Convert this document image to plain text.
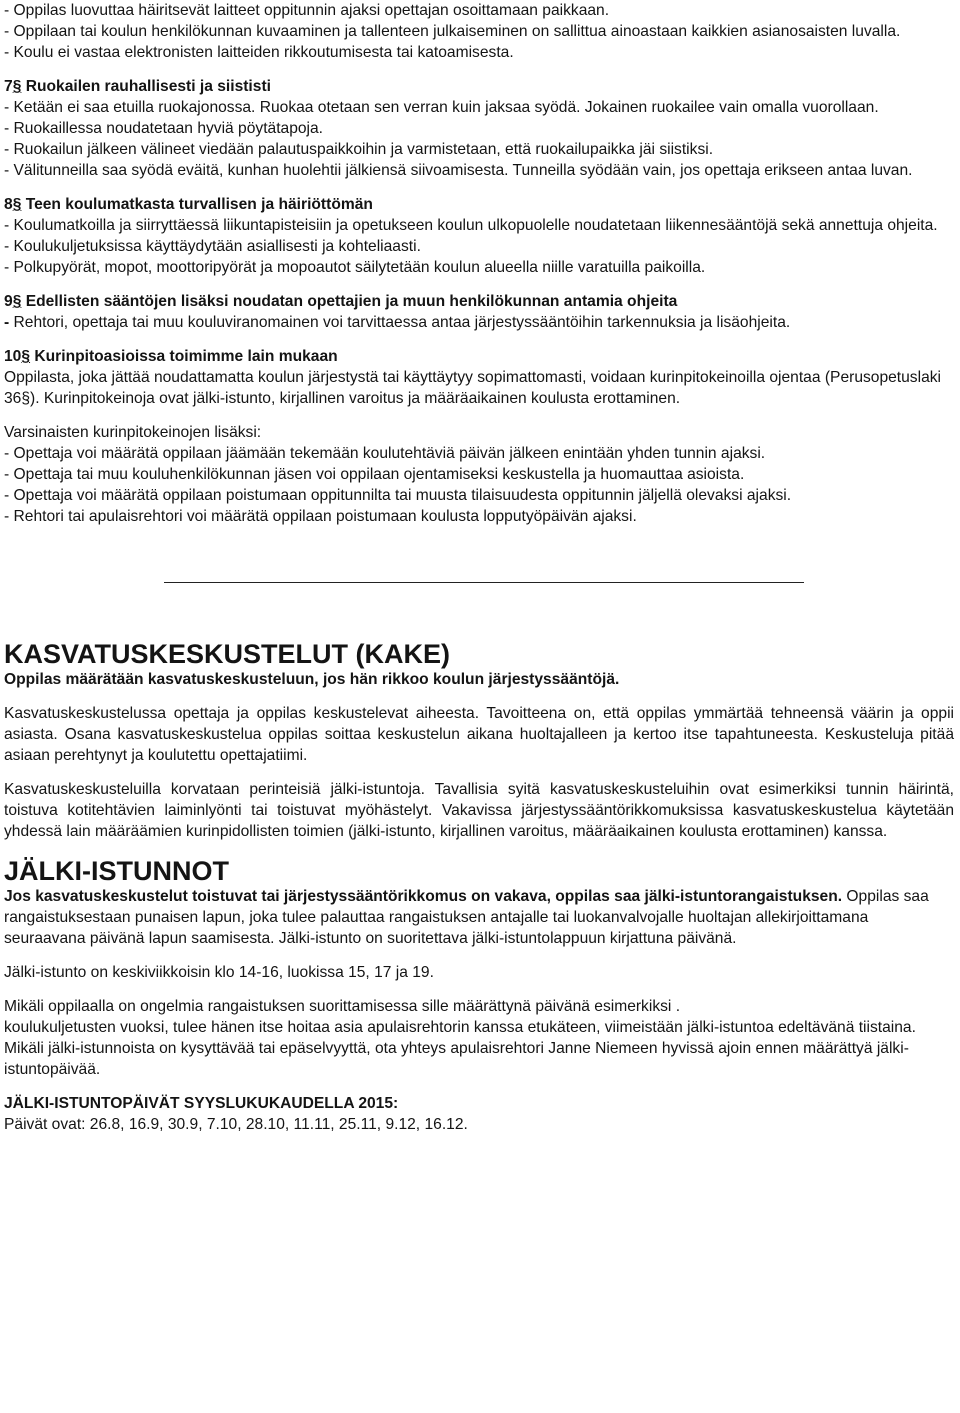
- Oppilas luovuttaa häiritsevät laitteet oppitunnin ajaksi opettajan osoittamaan paikkaan.

- Oppilaan tai koulun henkilökunnan kuvaaminen ja tallenteen julkaiseminen on sallittua ainoastaan kaikkien asianosaisten luvalla.

- Koulu ei vastaa elektronisten laitteiden rikkoutumisesta tai katoamisesta.

7§ Ruokailen rauhallisesti ja siististi

- Ketään ei saa etuilla ruokajonossa. Ruokaa otetaan sen verran kuin jaksaa syödä. Jokainen ruokailee vain omalla vuorollaan.

- Ruokaillessa noudatetaan hyviä pöytätapoja.

- Ruokailun jälkeen välineet viedään palautuspaikkoihin ja varmistetaan, että ruokailupaikka jäi siistiksi.

- Välitunneilla saa syödä eväitä, kunhan huolehtii jälkiensä siivoamisesta. Tunneilla syödään vain, jos opettaja erikseen antaa luvan.

8§ Teen koulumatkasta turvallisen ja häiriöttömän

- Koulumatkoilla ja siirryttäessä liikuntapisteisiin ja opetukseen koulun ulkopuolelle noudatetaan liikennesääntöjä sekä annettuja ohjeita.

- Koulukuljetuksissa käyttäydytään asiallisesti ja kohteliaasti.

- Polkupyörät, mopot, moottoripyörät ja mopoautot säilytetään koulun alueella niille varatuilla paikoilla.

9§ Edellisten sääntöjen lisäksi noudatan opettajien ja muun henkilökunnan antamia ohjeita

- Rehtori, opettaja tai muu kouluviranomainen voi tarvittaessa antaa järjestyssääntöihin tarkennuksia ja lisäohjeita.

10§ Kurinpitoasioissa toimimme lain mukaan

Oppilasta, joka jättää noudattamatta koulun järjestystä tai käyttäytyy sopimattomasti, voidaan kurinpitokeinoilla ojentaa (Perusopetuslaki 36§). Kurinpitokeinoja ovat jälki-istunto, kirjallinen varoitus ja määräaikainen koulusta erottaminen.

Varsinaisten kurinpitokeinojen lisäksi:

- Opettaja voi määrätä oppilaan jäämään tekemään koulutehtäviä päivän jälkeen enintään yhden tunnin ajaksi.

- Opettaja tai muu kouluhenkilökunnan jäsen voi oppilaan ojentamiseksi keskustella ja huomauttaa asioista.

- Opettaja voi määrätä oppilaan poistumaan oppitunnilta tai muusta tilaisuudesta oppitunnin jäljellä olevaksi ajaksi.

- Rehtori tai apulaisrehtori voi määrätä oppilaan poistumaan koulusta lopputyöpäivän ajaksi.

KASVATUSKESKUSTELUT (KAKE)

Oppilas määrätään kasvatuskeskusteluun, jos hän rikkoo koulun järjestyssääntöjä.

Kasvatuskeskustelussa opettaja ja oppilas keskustelevat aiheesta. Tavoitteena on, että oppilas ymmärtää tehneensä väärin ja oppii asiasta. Osana kasvatuskeskustelua oppilas soittaa keskustelun aikana huoltajalleen ja kertoo itse tapahtuneesta. Keskusteluja pitää asiaan perehtynyt ja koulutettu opettajatiimi.

Kasvatuskeskusteluilla korvataan perinteisiä jälki-istuntoja. Tavallisia syitä kasvatuskeskusteluihin ovat esimerkiksi tunnin häirintä, toistuva kotitehtävien laiminlyönti tai toistuvat myöhästelyt. Vakavissa järjestyssääntörikkomuksissa kasvatuskeskustelua käytetään yhdessä lain määräämien kurinpidollisten toimien (jälki-istunto, kirjallinen varoitus, määräaikainen koulusta erottaminen) kanssa.

JÄLKI-ISTUNNOT

Jos kasvatuskeskustelut toistuvat tai järjestyssääntörikkomus on vakava, oppilas saa jälki-istuntorangaistuksen. Oppilas saa rangaistuksestaan punaisen lapun, joka tulee palauttaa rangaistuksen antajalle tai luokanvalvojalle huoltajan allekirjoittamana seuraavana päivänä lapun saamisesta. Jälki-istunto on suoritettava jälki-istuntolappuun kirjattuna päivänä.

Jälki-istunto on keskiviikkoisin klo 14-16, luokissa 15, 17 ja 19.

Mikäli oppilaalla on ongelmia rangaistuksen suorittamisessa sille määrättynä päivänä esimerkiksi .
koulukuljetusten vuoksi, tulee hänen itse hoitaa asia apulaisrehtorin kanssa etukäteen, viimeistään jälki-istuntoa edeltävänä tiistaina. Mikäli jälki-istunnoista on kysyttävää tai epäselvyyttä, ota yhteys apulaisrehtori Janne Niemeen hyvissä ajoin ennen määrättyä jälki-istuntopäivää.

JÄLKI-ISTUNTOPÄIVÄT SYYSLUKUKAUDELLA 2015:

Päivät ovat: 26.8, 16.9, 30.9, 7.10, 28.10, 11.11, 25.11, 9.12, 16.12.
